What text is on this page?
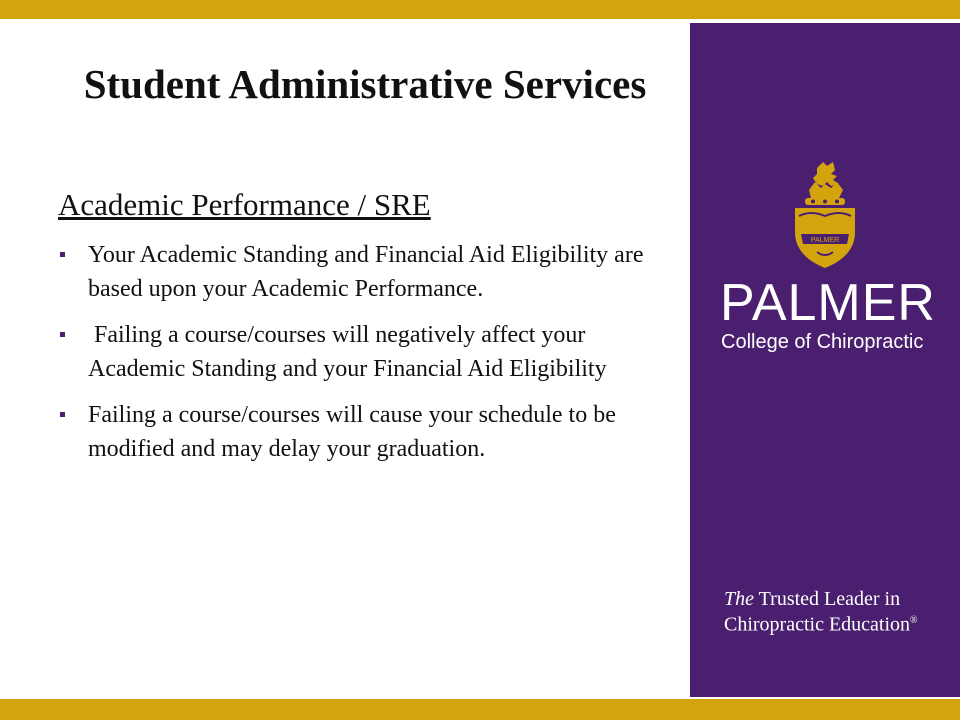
Student Administrative Services
Academic Performance / SRE
Your Academic Standing and Financial Aid Eligibility are based upon your Academic Performance.
Failing a course/courses will negatively affect your Academic Standing and your Financial Aid Eligibility
Failing a course/courses will cause your schedule to be modified and may delay your graduation.
PALMER
PALMER
College of Chiropractic
The Trusted Leader in
Chiropractic Education®
